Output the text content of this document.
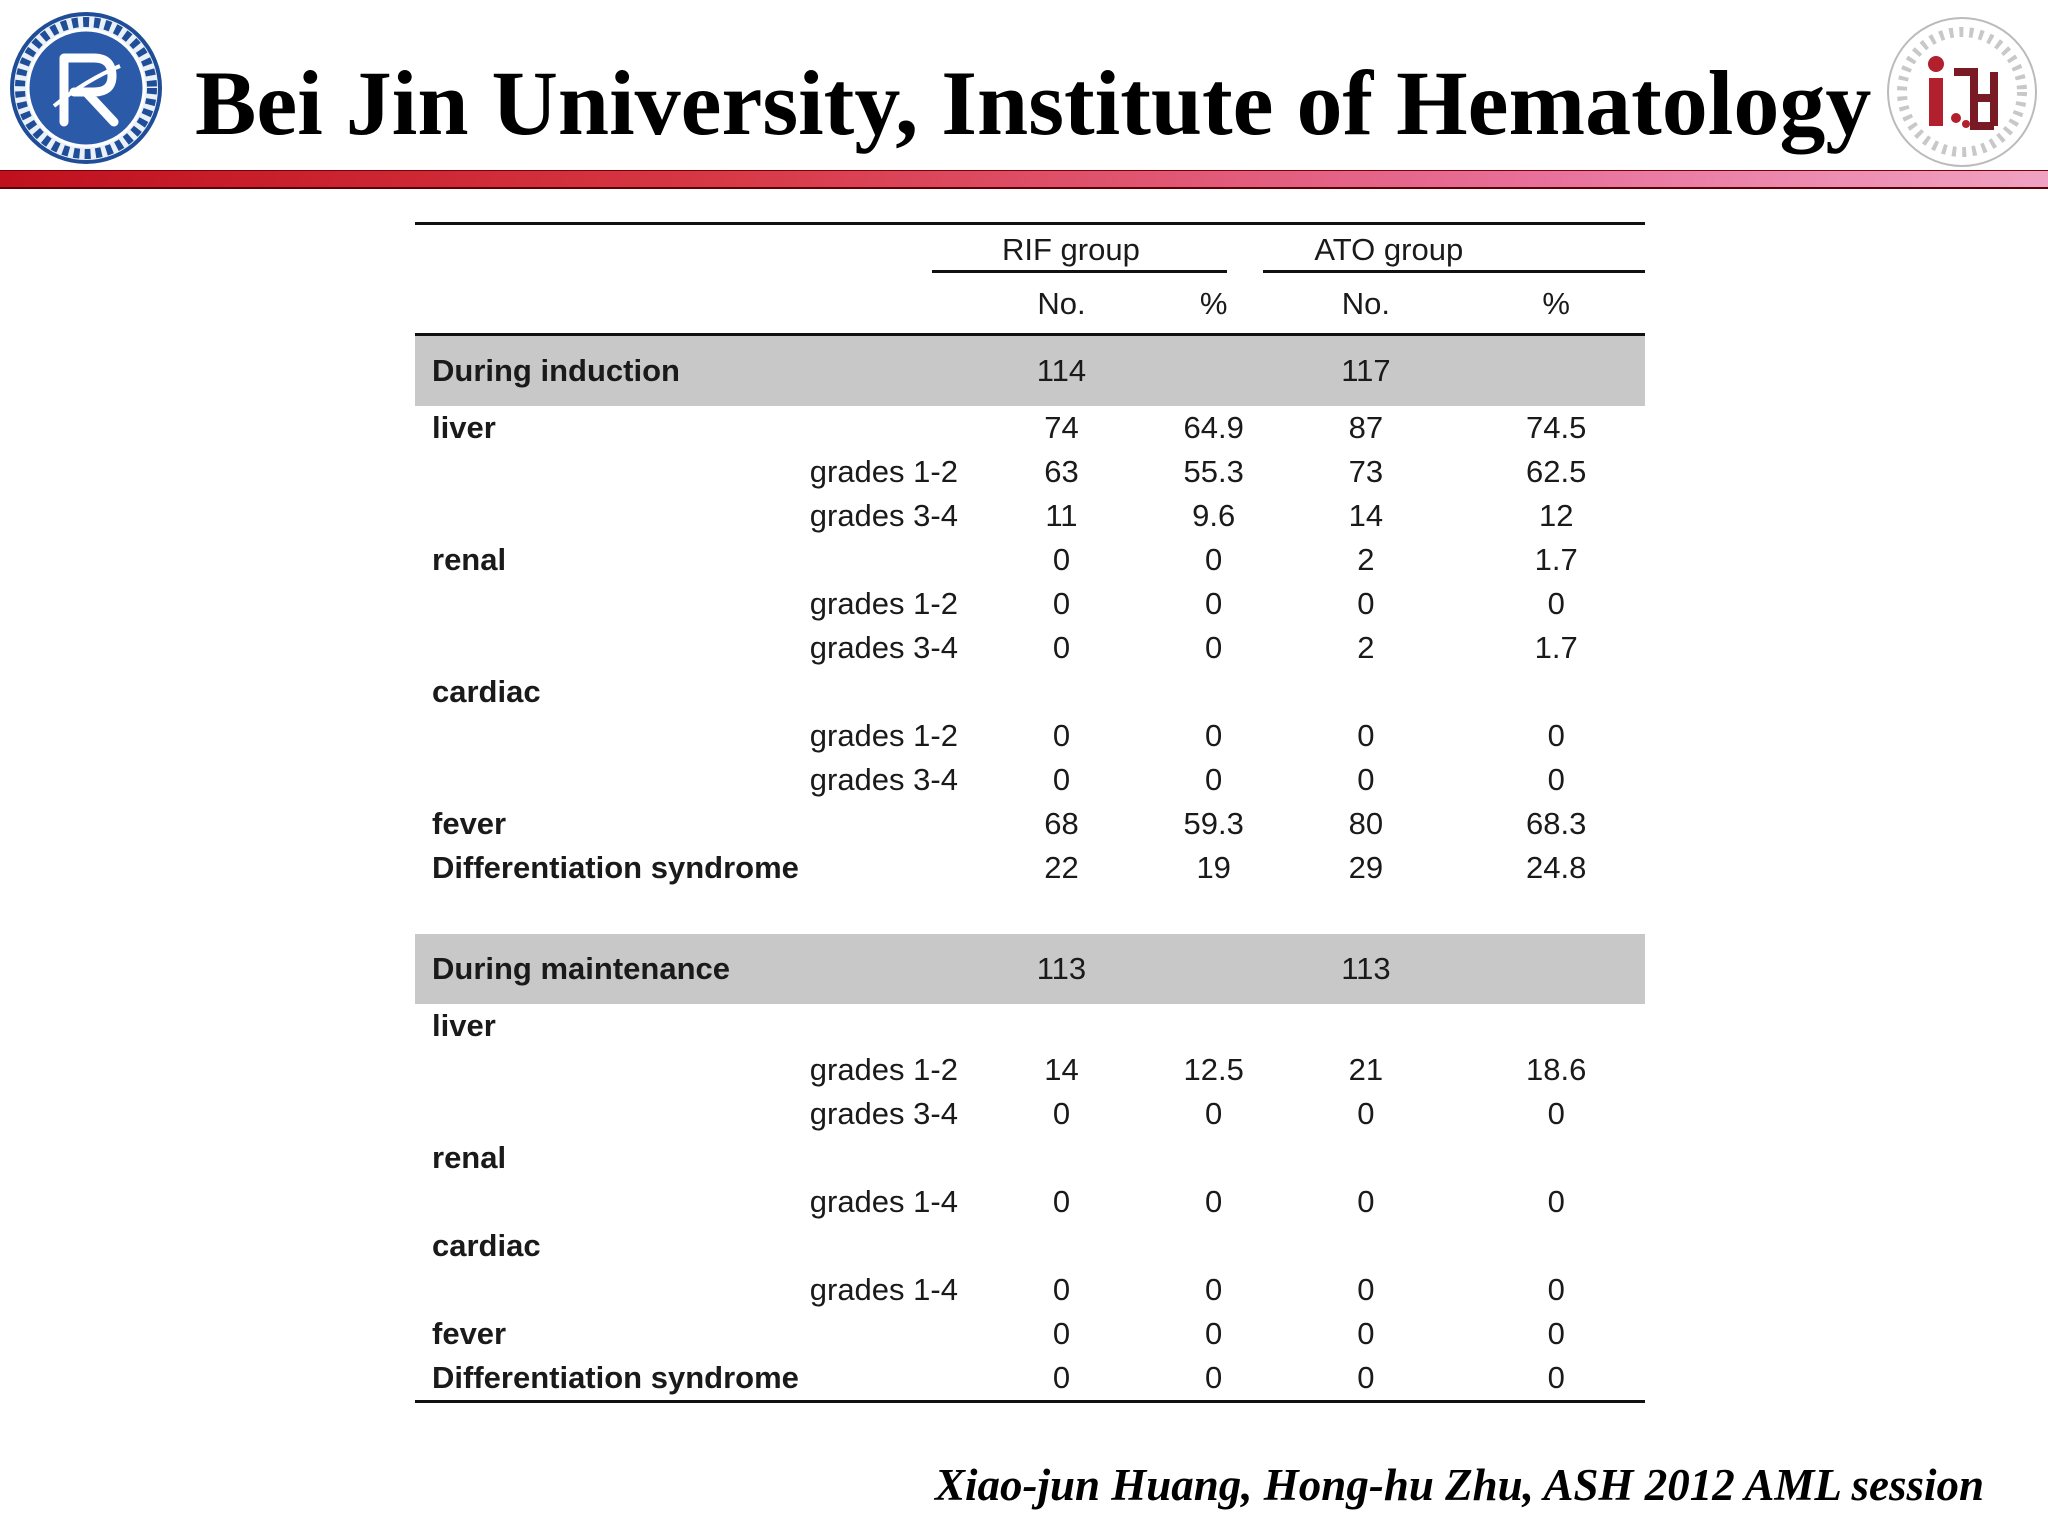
Bei Jin University, Institute of Hematology

	RIF group		ATO group	
	No.	%	No.	%
During induction	114		117	
liver	74	64.9	87	74.5
grades 1-2	63	55.3	73	62.5
grades 3-4	11	9.6	14	12
renal	0	0	2	1.7
grades 1-2	0	0	0	0
grades 3-4	0	0	2	1.7
cardiac				
grades 1-2	0	0	0	0
grades 3-4	0	0	0	0
fever	68	59.3	80	68.3
Differentiation syndrome	22	19	29	24.8

During maintenance	113		113	
liver				
grades 1-2	14	12.5	21	18.6
grades 3-4	0	0	0	0
renal				
grades 1-4	0	0	0	0
cardiac				
grades 1-4	0	0	0	0
fever	0	0	0	0
Differentiation syndrome	0	0	0	0

Xiao-jun Huang, Hong-hu Zhu, ASH 2012 AML session
